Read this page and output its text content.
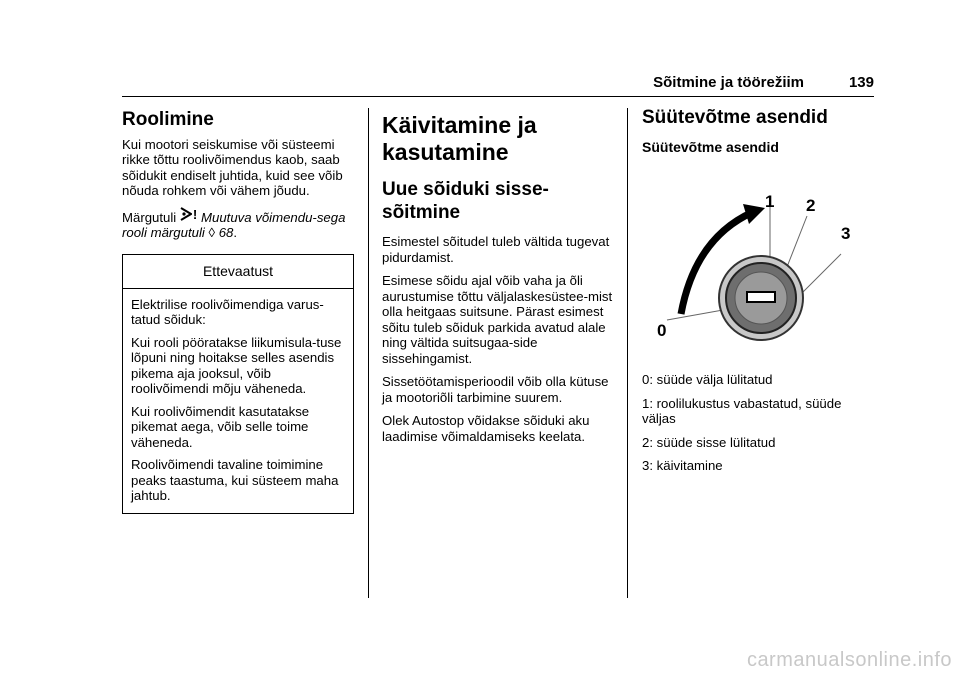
Sõitmine ja töörežiim	139
Roolimine

Kui mootori seiskumise või süsteemi rikke tõttu roolivõimendus kaob, saab sõidukit endiselt juhtida, kuid see võib nõuda rohkem või vähem jõudu.

Märgutuli ! Muutuva võimendu-sega rooli märgutuli ◊ 68.

Ettevaatust

Elektrilise roolivõimendiga varus-tatud sõiduk:

Kui rooli pööratakse liikumisula-tuse lõpuni ning hoitakse selles asendis pikema aja jooksul, võib roolivõimendi mõju väheneda.

Kui roolivõimendit kasutatakse pikemat aega, võib selle toime väheneda.

Roolivõimendi tavaline toimimine peaks taastuma, kui süsteem maha jahtub.

Käivitamine ja kasutamine
Uue sõiduki sisse-sõitmine

Esimestel sõitudel tuleb vältida tugevat pidurdamist.

Esimese sõidu ajal võib vaha ja õli aurustumise tõttu väljalaskesüstee-mist olla heitgaas suitsune. Pärast esimest sõitu tuleb sõiduk parkida avatud alale ning vältida suitsugaa-side sissehingamist.

Sissetöötamisperioodil võib olla kütuse ja mootoriõli tarbimine suurem.

Olek Autostop võidakse sõiduki aku laadimise võimaldamiseks keelata.

Süütevõtme asendid
Süütevõtme asendid
0
1 2
3

0: süüde välja lülitatud

1: roolilukustus vabastatud, süüde väljas

2: süüde sisse lülitatud

3: käivitamine

carmanualsonline.info
